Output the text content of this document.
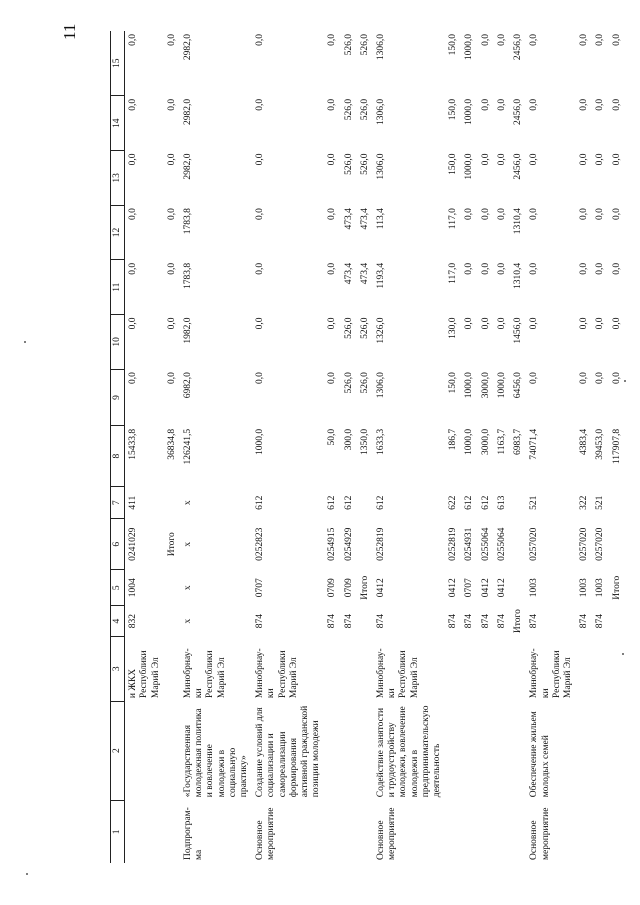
11
1	2	3	4	5	6	7	8	9	10	11	12	13	14	15
		и ЖКХ Республики Марий Эл	832	1004	0241029	411	15433,8	0,0	0,0	0,0	0,0	0,0	0,0	0,0
					Итого		36834,8	0,0	0,0	0,0	0,0	0,0	0,0	0,0
Подпрограм-ма	«Государственная молодежная политика и вовлечение молодежи в социальную практику»	Минобрнау-ки Республики Марий Эл	х	х	х	х	126241,5	6982,0	1982,0	1783,8	1783,8	2982,0	2982,0	2982,0
Основное мероприятие	Создание условий для социализации и самореализации формирования активной гражданской позиции молодежи	Минобрнау-ки Республики Марий Эл	874	0707	0252823	612	1000,0	0,0	0,0	0,0	0,0	0,0	0,0	0,0
			874	0709	0254915	612	50,0	0,0	0,0	0,0	0,0	0,0	0,0	0,0
			874	0709	0254929	612	300,0	526,0	526,0	473,4	473,4	526,0	526,0	526,0
				Итого			1350,0	526,0	526,0	473,4	473,4	526,0	526,0	526,0
Основное мероприятие	Содействие занятости и трудоустройству молодежи, вовлечение молодежи в предпринимательскую деятельность	Минобрнау-ки Республики Марий Эл	874	0412	0252819	612	1633,3	1306,0	1326,0	1193,4	113,4	1306,0	1306,0	1306,0
			874	0412	0252819	622	186,7	150,0	130,0	117,0	117,0	150,0	150,0	150,0
			874	0707	0254931	612	1000,0	1000,0	0,0	0,0	0,0	1000,0	1000,0	1000,0
			874	0412	0255064	612	3000,0	3000,0	0,0	0,0	0,0	0,0	0,0	0,0
			874	0412	0255064	613	1163,7	1000,0	0,0	0,0	0,0	0,0	0,0	0,0
			Итого				6983,7	6456,0	1456,0	1310,4	1310,4	2456,0	2456,0	2456,0
Основное мероприятие	Обеспечение жильем молодых семей	Минобрнау-ки Республики Марий Эл	874	1003	0257020	521	74071,4	0,0	0,0	0,0	0,0	0,0	0,0	0,0
			874	1003	0257020	322	4383,4	0,0	0,0	0,0	0,0	0,0	0,0	0,0
			874	1003	0257020	521	39453,0	0,0	0,0	0,0	0,0	0,0	0,0	0,0
				Итого			117907,8	0,0	0,0	0,0	0,0	0,0	0,0	0,0
